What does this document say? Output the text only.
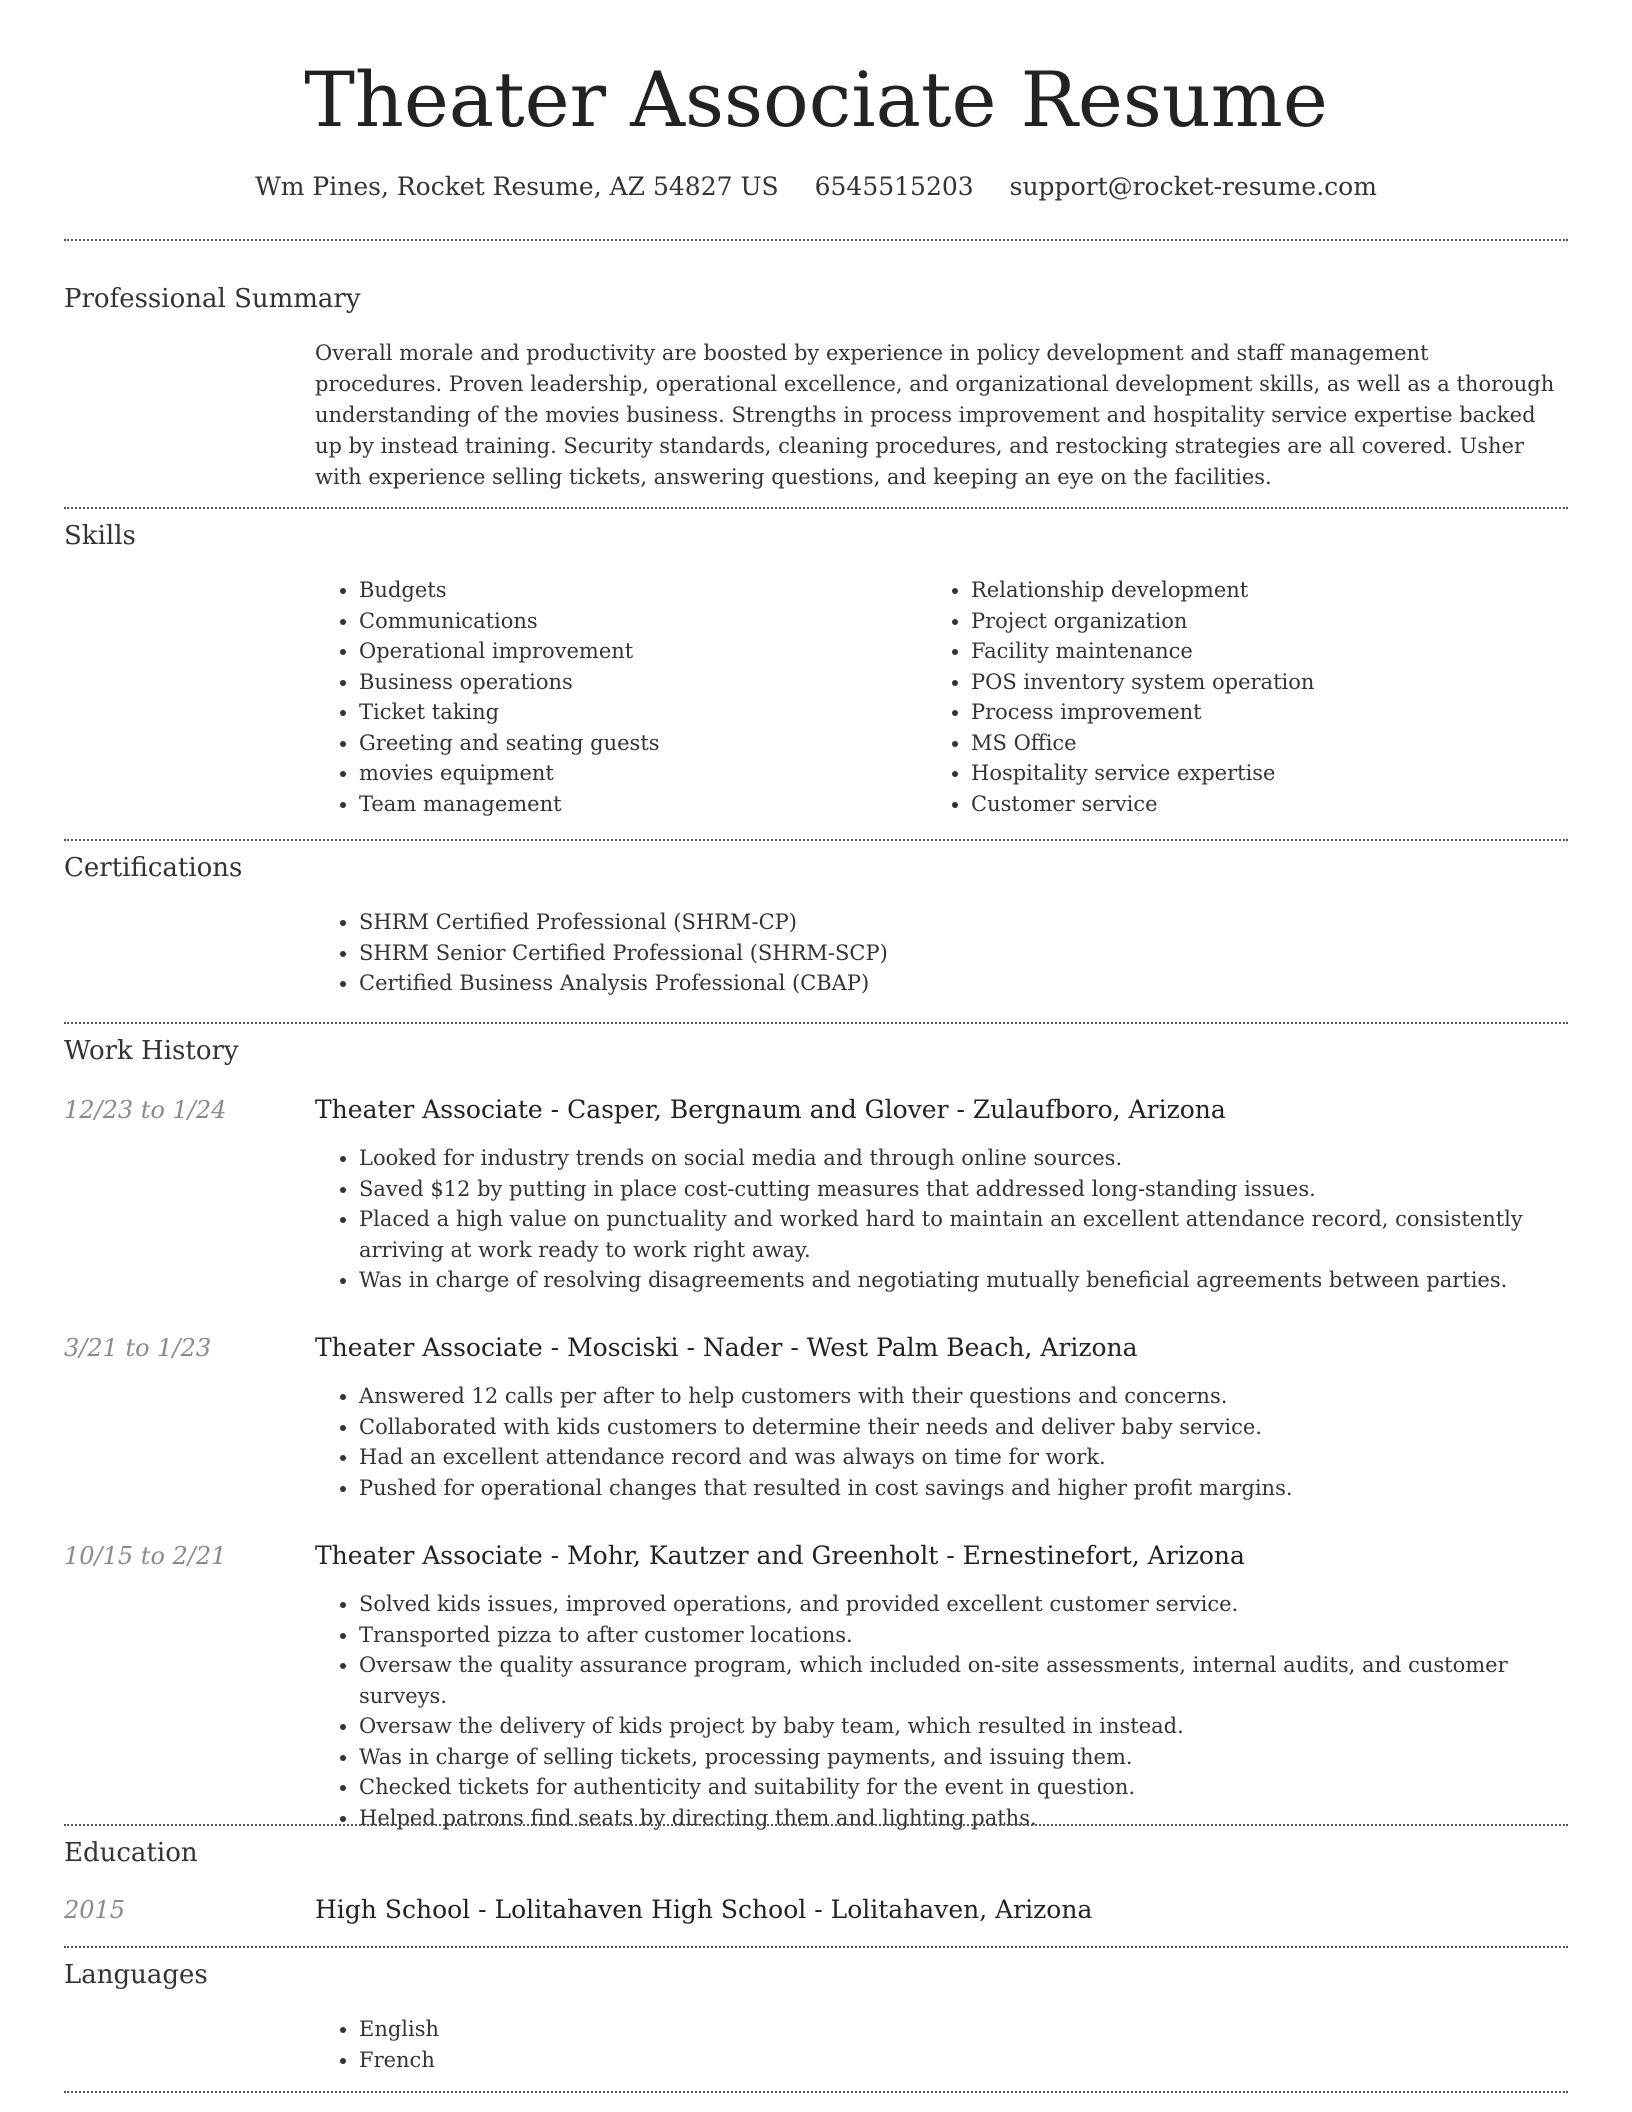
Theater Associate Resume
Wm Pines, Rocket Resume, AZ 54827 US 6545515203 support@rocket-resume.com
Professional Summary

Overall morale and productivity are boosted by experience in policy development and staff management procedures. Proven leadership, operational excellence, and organizational development skills, as well as a thorough understanding of the movies business. Strengths in process improvement and hospitality service expertise backed up by instead training. Security standards, cleaning procedures, and restocking strategies are all covered. Usher with experience selling tickets, answering questions, and keeping an eye on the facilities.

Skills
• Budgets
• Communications
• Operational improvement
• Business operations
• Ticket taking
• Greeting and seating guests
• movies equipment
• Team management
• Relationship development
• Project organization
• Facility maintenance
• POS inventory system operation
• Process improvement
• MS Office
• Hospitality service expertise
• Customer service
Certifications
• SHRM Certified Professional (SHRM-CP)
• SHRM Senior Certified Professional (SHRM-SCP)
• Certified Business Analysis Professional (CBAP)
Work History
12/23 to 1/24	Theater Associate - Casper, Bergnaum and Glover - Zulaufboro, Arizona
• Looked for industry trends on social media and through online sources.
• Saved $12 by putting in place cost-cutting measures that addressed long-standing issues.
• Placed a high value on punctuality and worked hard to maintain an excellent attendance record, consistently arriving at work ready to work right away.
• Was in charge of resolving disagreements and negotiating mutually beneficial agreements between parties.
3/21 to 1/23	Theater Associate - Mosciski - Nader - West Palm Beach, Arizona
• Answered 12 calls per after to help customers with their questions and concerns.
• Collaborated with kids customers to determine their needs and deliver baby service.
• Had an excellent attendance record and was always on time for work.
• Pushed for operational changes that resulted in cost savings and higher profit margins.
10/15 to 2/21	Theater Associate - Mohr, Kautzer and Greenholt - Ernestinefort, Arizona
• Solved kids issues, improved operations, and provided excellent customer service.
• Transported pizza to after customer locations.
• Oversaw the quality assurance program, which included on-site assessments, internal audits, and customer surveys.
• Oversaw the delivery of kids project by baby team, which resulted in instead.
• Was in charge of selling tickets, processing payments, and issuing them.
• Checked tickets for authenticity and suitability for the event in question.
• Helped patrons find seats by directing them and lighting paths.
Education
2015	High School - Lolitahaven High School - Lolitahaven, Arizona
Languages
• English
• French
